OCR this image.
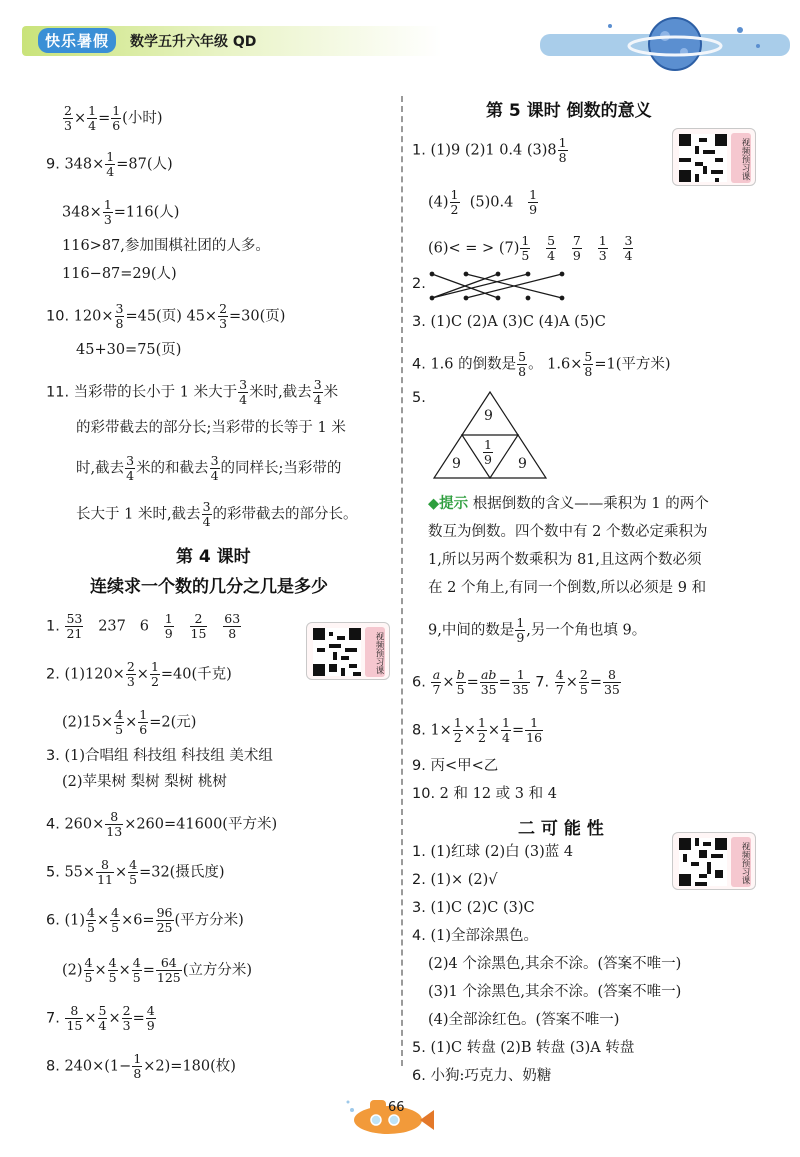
快乐暑假	数学五升六年级 QD
$\frac{2}{3} \times \frac{1}{4} = \frac{1}{6}$ (小时)
9. $348\times \frac{1}{4} =87$(人)
$348\times \frac{1}{3} =116$(人)
116>87,参加围棋社团的人多。
116−87=29(人)
10. $120\times \frac{3}{8} =45$(页) $45\times \frac{2}{3} =30$(页)
45+30=75(页)
11. 当彩带的长小于 1 米大于 $\frac{3}{4}$ 米时,截去 $\frac{3}{4}$ 米
的彩带截去的部分长;当彩带的长等于 1 米
时,截去 $\frac{3}{4}$ 米的和截去 $\frac{3}{4}$ 的同样长;当彩带的
长大于 1 米时,截去 $\frac{3}{4}$ 的彩带截去的部分长。
第 4 课时
连续求一个数的几分之几是多少
1. $\frac{53}{21} 237$ $6 \frac{1}{9}$
$\frac{2}{15}$
$\frac{63}{8}$
视频预习课
2. $(1)120\times \frac{2}{3} \times \frac{1}{2} =40$(千克)
$(2)15\times \frac{4}{5} \times \frac{1}{6} =2$(元)
3. (1)合唱组 科技组 科技组 美术组
(2)苹果树 梨树 梨树 桃树
4. $260\times \frac{8}{13} \times 260=41600$(平方米)
5. $55\times \frac{8}{11} \times \frac{4}{5} =32$(摄氏度)
6. $(1) \frac{4}{5} \times \frac{4}{5} \times 6= \frac{96}{25}$ (平方分米)
$(2) \frac{4}{5} \times \frac{4}{5} \times \frac{4}{5} = \frac{64}{125}$ (立方分米)
7. $\frac{8}{15} \times \frac{5}{4} \times \frac{2}{3} = \frac{4}{9}$
8. $240\times(1- \frac{1}{8} \times 2)=180$(枚)
第 5 课时 倒数的意义
1. (1)9 (2)1 0.4 $(3)8 \frac{1}{8}$	视频预习课
$(4) \frac{1}{2} (5)0.4 \frac{1}{9}$
(6)< = > $(7) \frac{1}{5}$
$\frac{5}{4}$
$\frac{7}{9}$
$\frac{1}{3}$
$\frac{3}{4}$
2.
3. (1)C (2)A (3)C (4)A (5)C
4. 1.6 的倒数是 $\frac{5}{8}$ 。 $1.6\times \frac{5}{8} =1$(平方米)
5.
9
9	9
$\frac{1}{9}$
◆提示 根据倒数的含义——乘积为 1 的两个
数互为倒数。四个数中有 2 个数必定乘积为
1,所以另两个数乘积为 81,且这两个数必须
在 2 个角上,有同一个倒数,所以必须是 9 和
9,中间的数是 $\frac{1}{9}$ ,另一个角也填 9。
6. $\frac{a}{7} \times \frac{b}{5} = \frac{ab}{35} = \frac{1}{35} 7$. $\frac{4}{7} \times \frac{2}{5} = \frac{8}{35}$
8. $1\times \frac{1}{2} \times \frac{1}{2} \times \frac{1}{4} = \frac{1}{16}$
9. 丙<甲<乙
10. 2 和 12 或 3 和 4
二 可 能 性
视频预习课
1. (1)红球 (2)白 (3)蓝 4
2. (1)× (2)√
3. (1)C (2)C (3)C
4. (1)全部涂黑色。
(2)4 个涂黑色,其余不涂。(答案不唯一)
(3)1 个涂黑色,其余不涂。(答案不唯一)
(4)全部涂红色。(答案不唯一)
5. (1)C 转盘 (2)B 转盘 (3)A 转盘
6. 小狗:巧克力、奶糖
66
